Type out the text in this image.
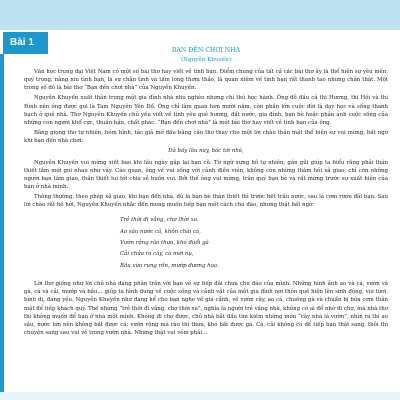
Bài 1
BẠN ĐẾN CHƠI NHÀ
(Nguyễn Khuyến)

Văn học trung đại Việt Nam có một số bài thơ hay viết về tình bạn. Điểm chung của tất cả các bài thơ ấy là thể hiện sự yêu mến, quý trọng, nâng niu tình bạn, là sự chân tình và tấm lòng thơm thảo, là quan niệm về tình bạn rất thanh tao nhưng chân thật. Một trong số đó là bài thơ “Bạn đến chơi nhà” của Nguyễn Khuyến.

Nguyễn Khuyến xuất thân trong một gia đình nhà nho nghèo nhưng chí thú học hành. Ông đỗ đầu cả thi Hương, thi Hội và thi Đình nên ông được gọi là Tam Nguyên Yên Đổ. Ông chỉ làm quan hơn mười năm, còn phần lớn cuộc đời là dạy học và sống thanh bạch ở quê nhà. Thơ Nguyễn Khuyến chủ yếu viết về tình yêu quê hương, đất nước, gia đình, bạn bè hoặc phản ánh cuộc sống của những con người khổ cực, thuần hậu, chất phác. “Bạn đến chơi nhà” là một bài thơ hay viết về tình bạn của ông.

Bằng giọng thơ tự nhiên, hóm hỉnh, tác giả mở đầu bằng câu thơ thay cho một lời chào thân mật thể hiện sự vui mừng, bất ngờ khi bạn đến nhà chơi:

Đã bấy lâu nay, bác tới nhà,

Nguyễn Khuyến vui mừng xiết bao khi lâu ngày gặp lại bạn cũ. Từ ngữ xưng hô tự nhiên, gần gũi giúp ta hiểu rằng phải thân thiết lắm mới gọi nhau như vậy. Cáo quan, ông về vui sống với cảnh điền viên, không còn những thăm hỏi xã giao, chỉ còn những người bạn tâm giao, thân thiết lui tới chia sẻ buồn vui. Bởi thế ông vui mừng, trân quý bạn bè và rất mừng trước sự xuất hiện của bạn ở nhà mình.

Thông thường, theo phép xã giao, khi bạn đến nhà, dù là bạn bè thân thiết thì trước hết trầu nước, sau là cơm rượu đãi bạn. Sau lời chào rất hồ hởi, Nguyễn Khuyến nhắc đến mong muốn tiếp bạn một cách chu đáo, nhưng thật bất ngờ:

Trẻ thời đi vắng, chợ thời xa.
Ao sâu nước cả, khôn chài cá,
Vườn rộng rào thưa, khó đuổi gà
Cải chửa ra cây, cà mới nụ,
Bầu vừa rụng rốn, mướp đương hoa.

Lời thơ giống như lời chủ nhà đang phân trần với bạn về sự tiếp đãi chưa chu đáo của mình. Những hình ảnh ao và cá, vườn và gà, cà và cải, mướp và bầu... giúp ta hình dung về cuộc sống và cảnh vật của một gia đình nơi thôn quê hiện lên sinh động, vui tươi, bình dị, đáng yêu. Nguyễn Khuyến như đang kể cho bạn nghe về gia cảnh, về vườn cây, ao cá, chuồng gà và chuẩn bị bữa cơm thân mật để tiếp khách quý. Thế nhưng “trẻ thời đi vắng, chợ thời xa”, nghĩa là người trẻ vắng nhà, không có ai để nhờ đi chợ, mà nhà thơ thì không muốn để bạn ở nhà một mình. Không đi chợ được, chủ nhà bắt đầu tìm kiếm những món “cây nhà lá vườn”, nhìn ra thì ao sâu, nước lớn nên không bắt được cá; vườn rộng mà rào thì thưa, khó bắt được gà. Cà, cải không có để tiếp bạn thật sang, thôi thì chuyện sang sau vui vẻ trong vườn nhà. Nhưng thật vui vẻm phải...
